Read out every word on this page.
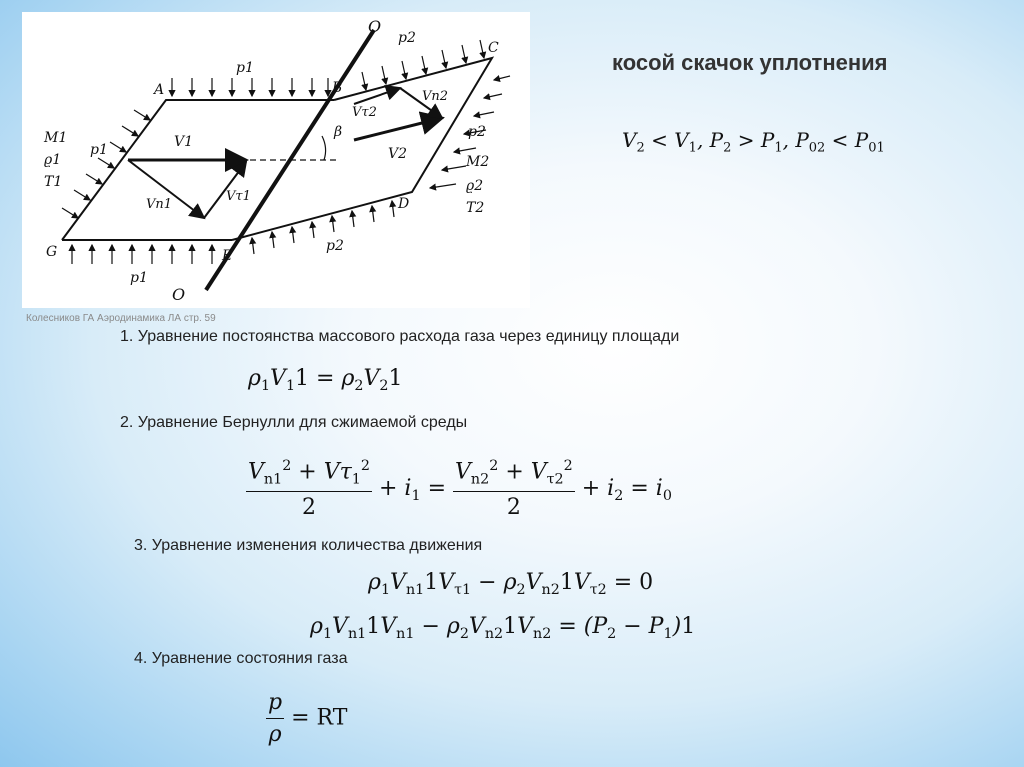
O
O
A	B
C
D
E
G
p1
p1
p1
p2
p2
p2
M1
ϱ1
T1
M2
ϱ2
T2
V1
Vn1
Vτ1
V2
Vn2
Vτ2
β
Колесников ГА Аэродинамика ЛА стр. 59
косой скачок уплотнения
$V_2 < V_1$, $P_2 > P_1$, $P_{02} < P_{01}$
1. Уравнение постоянства массового расхода газа через единицу площади
$\rho_1V_11 = \rho_2V_21$
2. Уравнение Бернулли для сжимаемой среды
$\frac{V_{n1}^2 + V\tau_1^2}{2} + i_1 = \frac{V_{n2}^2 + V_{\tau 2}^2}{2} + i_2 = i_0$
3. Уравнение изменения количества движения
$\rho_1V_{n1}1V_{\tau 1} - \rho_2V_{n2}1V_{\tau 2} = 0$
$\rho_1V_{n1}1V_{n1} - \rho_2V_{n2}1V_{n2} = (P_2 - P_1)1$
4. Уравнение состояния газа
$\frac{p}{\rho}$ = RT
